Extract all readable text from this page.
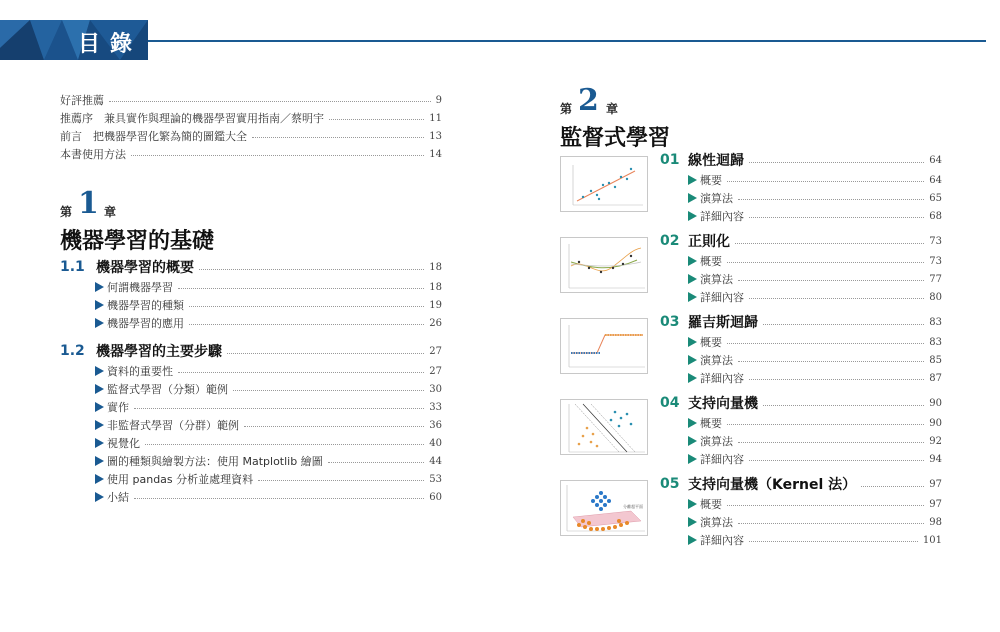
目錄
好評推薦	9
推薦序　兼具實作與理論的機器學習實用指南／蔡明宇	11
前言　把機器學習化繁為簡的圖鑑大全	13
本書使用方法	14
第 1 章
機器學習的基礎
1.1 機器學習的概要	18
何謂機器學習	18
機器學習的種類	19
機器學習的應用	26
1.2 機器學習的主要步驟	27
資料的重要性	27
監督式學習（分類）範例	30
實作	33
非監督式學習（分群）範例	36
視覺化	40
圖的種類與繪製方法：使用 Matplotlib 繪圖	44
使用 pandas 分析並處理資料	53
小結	60
第 2 章
監督式學習
分離超平面
01 線性迴歸	64
概要	64
演算法	65
詳細內容	68
02 正則化	73
概要	73
演算法	77
詳細內容	80
03 羅吉斯迴歸	83
概要	83
演算法	85
詳細內容	87
04 支持向量機	90
概要	90
演算法	92
詳細內容	94
05 支持向量機（Kernel 法）	97
概要	97
演算法	98
詳細內容	101
